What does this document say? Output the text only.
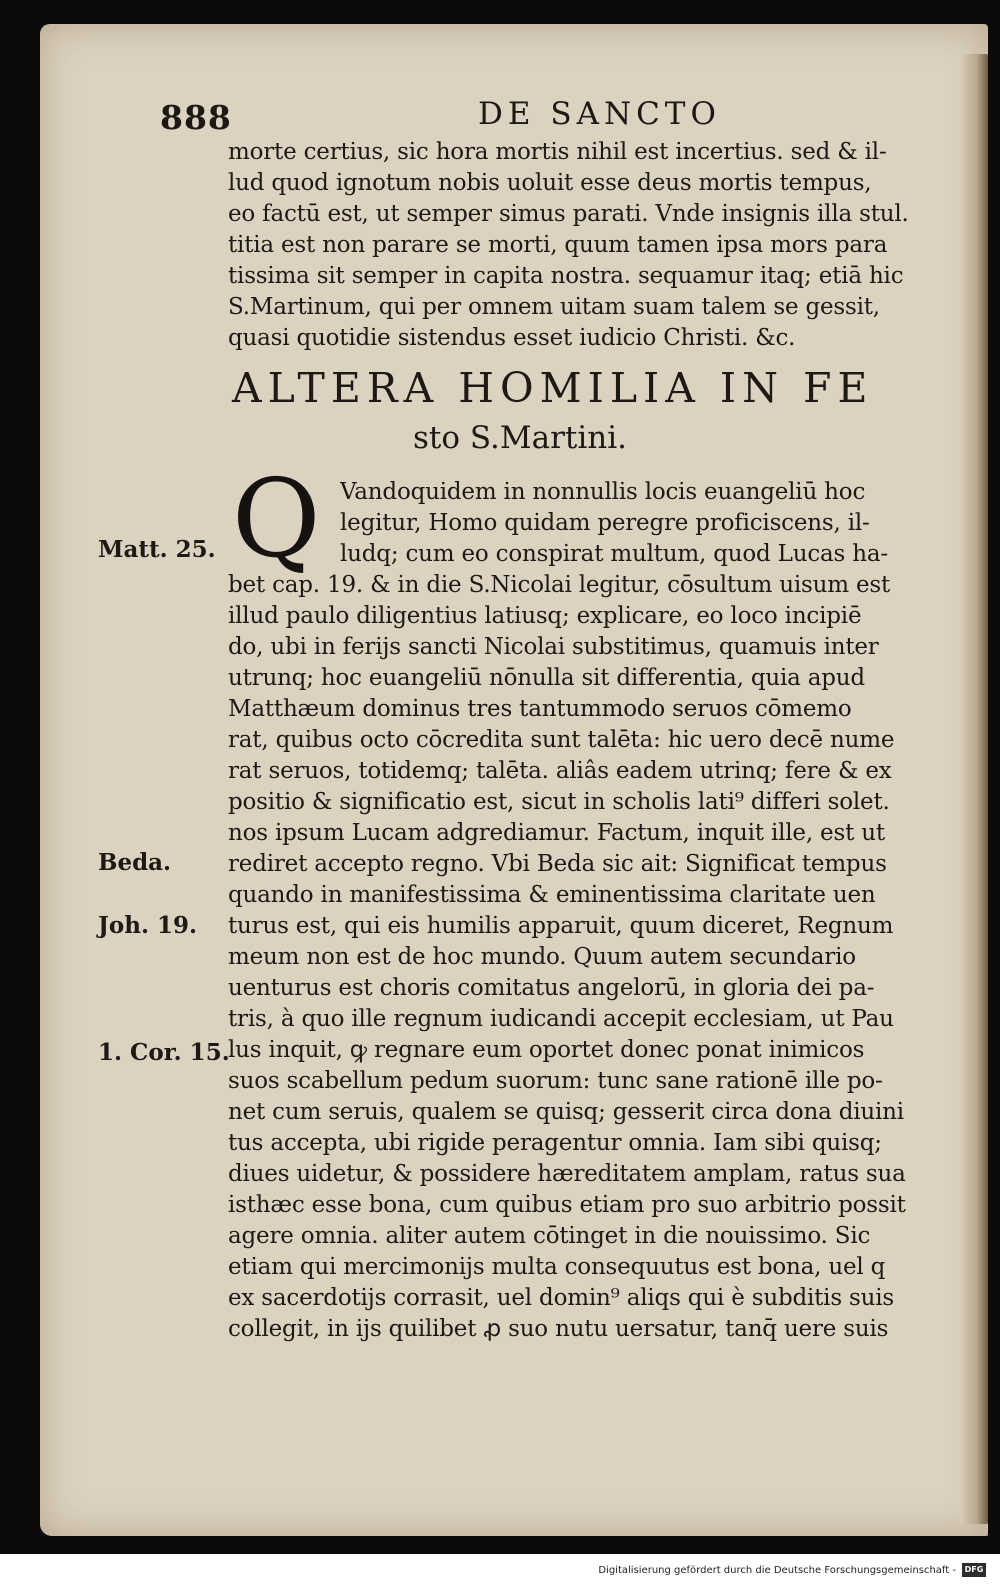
888	DE SANCTO
morte certius, sic hora mortis nihil est incertius. sed & il-
lud quod ignotum nobis uoluit esse deus mortis tempus,
eo factū est, ut semper simus parati. Vnde insignis illa stul.
titia est non parare se morti, quum tamen ipsa mors para
tissima sit semper in capita nostra. sequamur itaq; etiā hic
S.Martinum, qui per omnem uitam suam talem se gessit,
quasi quotidie sistendus esset iudicio Christi. &c.
ALTERA HOMILIA IN FE
sto S.Martini.
Q Vandoquidem in nonnullis locis euangeliū hoc
legitur, Homo quidam peregre proficiscens, il-
ludq; cum eo conspirat multum, quod Lucas ha-
bet cap. 19. & in die S.Nicolai legitur, cōsultum uisum est
illud paulo diligentius latiusq; explicare, eo loco incipiē
do, ubi in ferijs sancti Nicolai substitimus, quamuis inter
utrunq; hoc euangeliū nōnulla sit differentia, quia apud
Matthæum dominus tres tantummodo seruos cōmemo
rat, quibus octo cōcredita sunt talēta: hic uero decē nume
rat seruos, totidemq; talēta. aliâs eadem utrinq; fere & ex
positio & significatio est, sicut in scholis lati⁹ differi solet.
nos ipsum Lucam adgrediamur. Factum, inquit ille, est ut
rediret accepto regno. Vbi Beda sic ait: Significat tempus
quando in manifestissima & eminentissima claritate uen
turus est, qui eis humilis apparuit, quum diceret, Regnum
meum non est de hoc mundo. Quum autem secundario
uenturus est choris comitatus angelorū, in gloria dei pa-
tris, à quo ille regnum iudicandi accepit ecclesiam, ut Pau
lus inquit, ꝙ regnare eum oportet donec ponat inimicos
suos scabellum pedum suorum: tunc sane rationē ille po-
net cum seruis, qualem se quisq; gesserit circa dona diuini
tus accepta, ubi rigide peragentur omnia. Iam sibi quisq;
diues uidetur, & possidere hæreditatem amplam, ratus sua
isthæc esse bona, cum quibus etiam pro suo arbitrio possit
agere omnia. aliter autem cōtinget in die nouissimo. Sic
etiam qui mercimonijs multa consequutus est bona, uel q
ex sacerdotijs corrasit, uel domin⁹ aliqs qui è subditis suis
collegit, in ijs quilibet ꝓ suo nutu uersatur, tanq̄ uere suis
Matt. 25.
Beda.
Joh. 19.
1. Cor. 15.
Digitalisierung gefördert durch die Deutsche Forschungsgemeinschaft -	DFG
